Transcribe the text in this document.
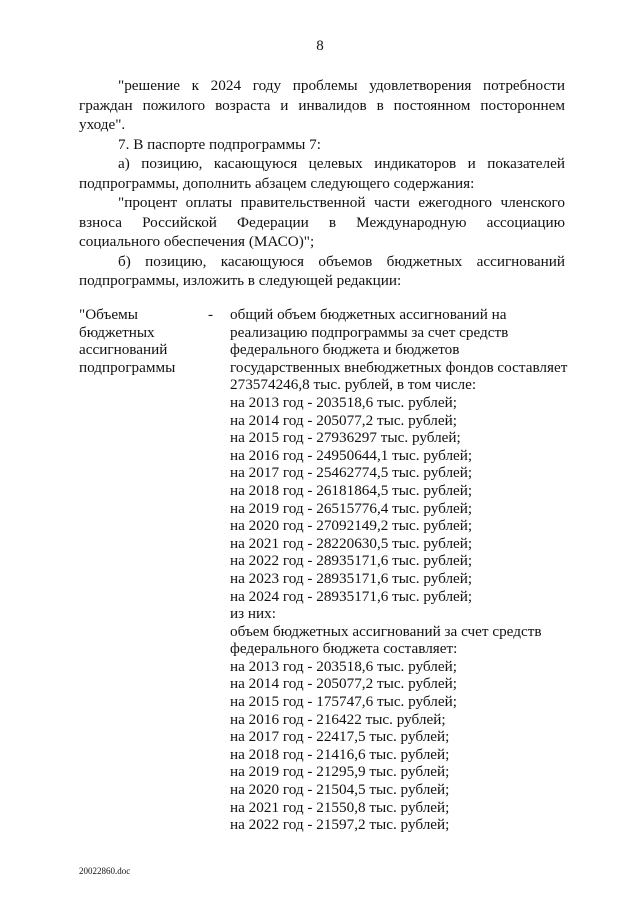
8

"решение к 2024 году проблемы удовлетворения потребности граждан пожилого возраста и инвалидов в постоянном постороннем уходе".

7. В паспорте подпрограммы 7:

а) позицию, касающуюся целевых индикаторов и показателей подпрограммы, дополнить абзацем следующего содержания:

"процент оплаты правительственной части ежегодного членского взноса Российской Федерации в Международную ассоциацию социального обеспечения (МАСО)";

б) позицию, касающуюся объемов бюджетных ассигнований подпрограммы, изложить в следующей редакции:

"Объемы
бюджетных
ассигнований
подпрограммы
- общий объем бюджетных ассигнований на
реализацию подпрограммы за счет средств
федерального бюджета и бюджетов
государственных внебюджетных фондов составляет
273574246,8 тыс. рублей, в том числе:
на 2013 год - 203518,6 тыс. рублей;
на 2014 год - 205077,2 тыс. рублей;
на 2015 год - 27936297 тыс. рублей;
на 2016 год - 24950644,1 тыс. рублей;
на 2017 год - 25462774,5 тыс. рублей;
на 2018 год - 26181864,5 тыс. рублей;
на 2019 год - 26515776,4 тыс. рублей;
на 2020 год - 27092149,2 тыс. рублей;
на 2021 год - 28220630,5 тыс. рублей;
на 2022 год - 28935171,6 тыс. рублей;
на 2023 год - 28935171,6 тыс. рублей;
на 2024 год - 28935171,6 тыс. рублей;
из них:
объем бюджетных ассигнований за счет средств
федерального бюджета составляет:
на 2013 год - 203518,6 тыс. рублей;
на 2014 год - 205077,2 тыс. рублей;
на 2015 год - 175747,6 тыс. рублей;
на 2016 год - 216422 тыс. рублей;
на 2017 год - 22417,5 тыс. рублей;
на 2018 год - 21416,6 тыс. рублей;
на 2019 год - 21295,9 тыс. рублей;
на 2020 год - 21504,5 тыс. рублей;
на 2021 год - 21550,8 тыс. рублей;
на 2022 год - 21597,2 тыс. рублей;
20022860.doc
